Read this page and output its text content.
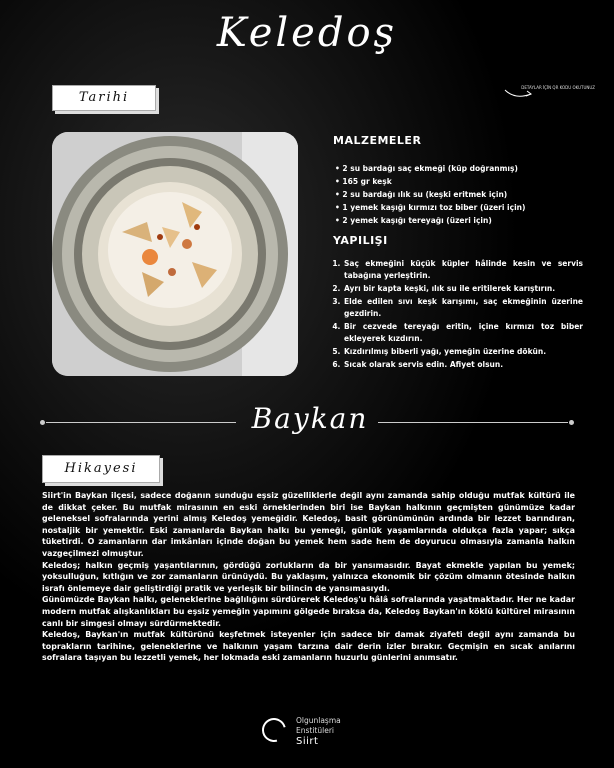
Keledoş
Tarihi
DETAYLAR İÇİN QR KODU OKUTUNUZ
MALZEMELER
• 2 su bardağı saç ekmeği (küp doğranmış)
• 165 gr keşk
• 2 su bardağı ılık su (keşki eritmek için)
• 1 yemek kaşığı kırmızı toz biber (üzeri için)
• 2 yemek kaşığı tereyağı (üzeri için)
YAPILIŞI
1. Saç ekmeğini küçük küpler hâlinde kesin ve servis tabağına yerleştirin.
2. Ayrı bir kapta keşki, ılık su ile eritilerek karıştırın.
3. Elde edilen sıvı keşk karışımı, saç ekmeğinin üzerine gezdirin.
4. Bir cezvede tereyağı eritin, içine kırmızı toz biber ekleyerek kızdırın.
5. Kızdırılmış biberli yağı, yemeğin üzerine dökün.
6. Sıcak olarak servis edin. Afiyet olsun.
Baykan
Hikayesi

Siirt'in Baykan ilçesi, sadece doğanın sunduğu eşsiz güzelliklerle değil aynı zamanda sahip olduğu mutfak kültürü ile de dikkat çeker. Bu mutfak mirasının en eski örneklerinden biri ise Baykan halkının geçmişten günümüze kadar geleneksel sofralarında yerini almış Keledoş yemeğidir. Keledoş, basit görünümünün ardında bir lezzet barındıran, nostaljik bir yemektir. Eski zamanlarda Baykan halkı bu yemeği, günlük yaşamlarında oldukça fazla yapar; sıkça tüketirdi. O zamanların dar imkânları içinde doğan bu yemek hem sade hem de doyurucu olmasıyla zamanla halkın vazgeçilmezi olmuştur.

Keledoş; halkın geçmiş yaşantılarının, gördüğü zorlukların da bir yansımasıdır. Bayat ekmekle yapılan bu yemek; yoksulluğun, kıtlığın ve zor zamanların ürünüydü. Bu yaklaşım, yalnızca ekonomik bir çözüm olmanın ötesinde halkın israfı önlemeye dair geliştirdiği pratik ve yerleşik bir bilincin de yansımasıydı.

Günümüzde Baykan halkı, geleneklerine bağlılığını sürdürerek Keledoş'u hâlâ sofralarında yaşatmaktadır. Her ne kadar modern mutfak alışkanlıkları bu eşsiz yemeğin yapımını gölgede bıraksa da, Keledoş Baykan'ın köklü kültürel mirasının canlı bir simgesi olmayı sürdürmektedir.

Keledoş, Baykan'ın mutfak kültürünü keşfetmek isteyenler için sadece bir damak ziyafeti değil aynı zamanda bu toprakların tarihine, geleneklerine ve halkının yaşam tarzına dair derin izler bırakır. Geçmişin en sıcak anılarını sofralara taşıyan bu lezzetli yemek, her lokmada eski zamanların huzurlu günlerini anımsatır.

Olgunlaşma
Enstitüleri
Siirt
